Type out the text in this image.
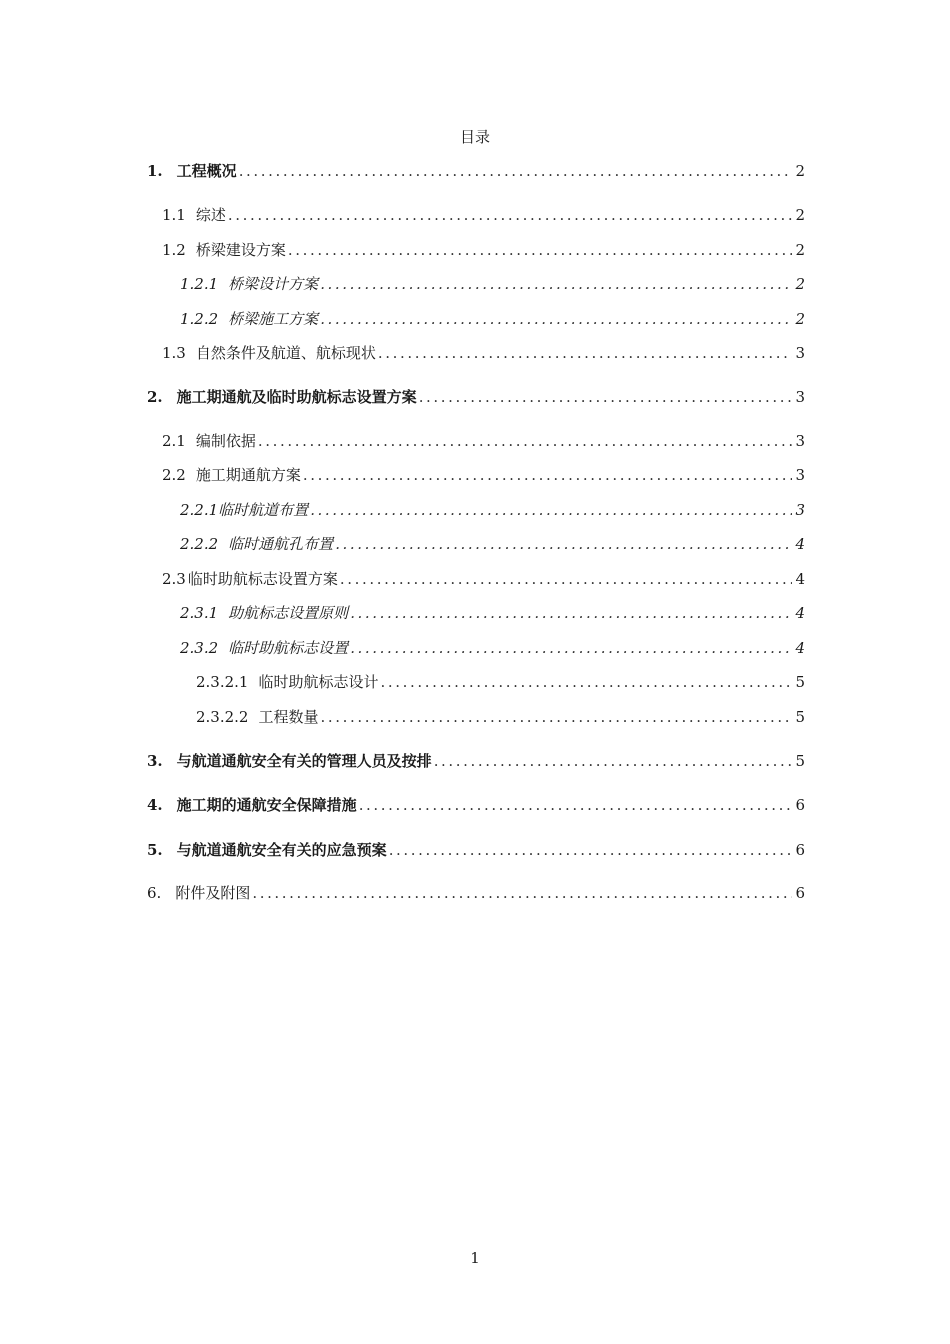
目录
1. 工程概况 .....	2
1.1 综述 .....	2
1.2 桥梁建设方案 .....	2
1.2.1 桥梁设计方案 .....	2
1.2.2 桥梁施工方案 .....	2
1.3 自然条件及航道、航标现状 .....	3
2. 施工期通航及临时助航标志设置方案 .....	3
2.1 编制依据 .....	3
2.2 施工期通航方案 .....	3
2.2.1 临时航道布置 .....	3
2.2.2 临时通航孔布置 .....	4
2.3 临时助航标志设置方案 .....	4
2.3.1 助航标志设置原则 .....	4
2.3.2 临时助航标志设置 .....	4
2.3.2.1 临时助航标志设计 .....	5
2.3.2.2 工程数量 .....	5
3. 与航道通航安全有关的管理人员及按排 .....	5
4. 施工期的通航安全保障措施 .....	6
5. 与航道通航安全有关的应急预案 .....	6
6. 附件及附图 .....	6
1
